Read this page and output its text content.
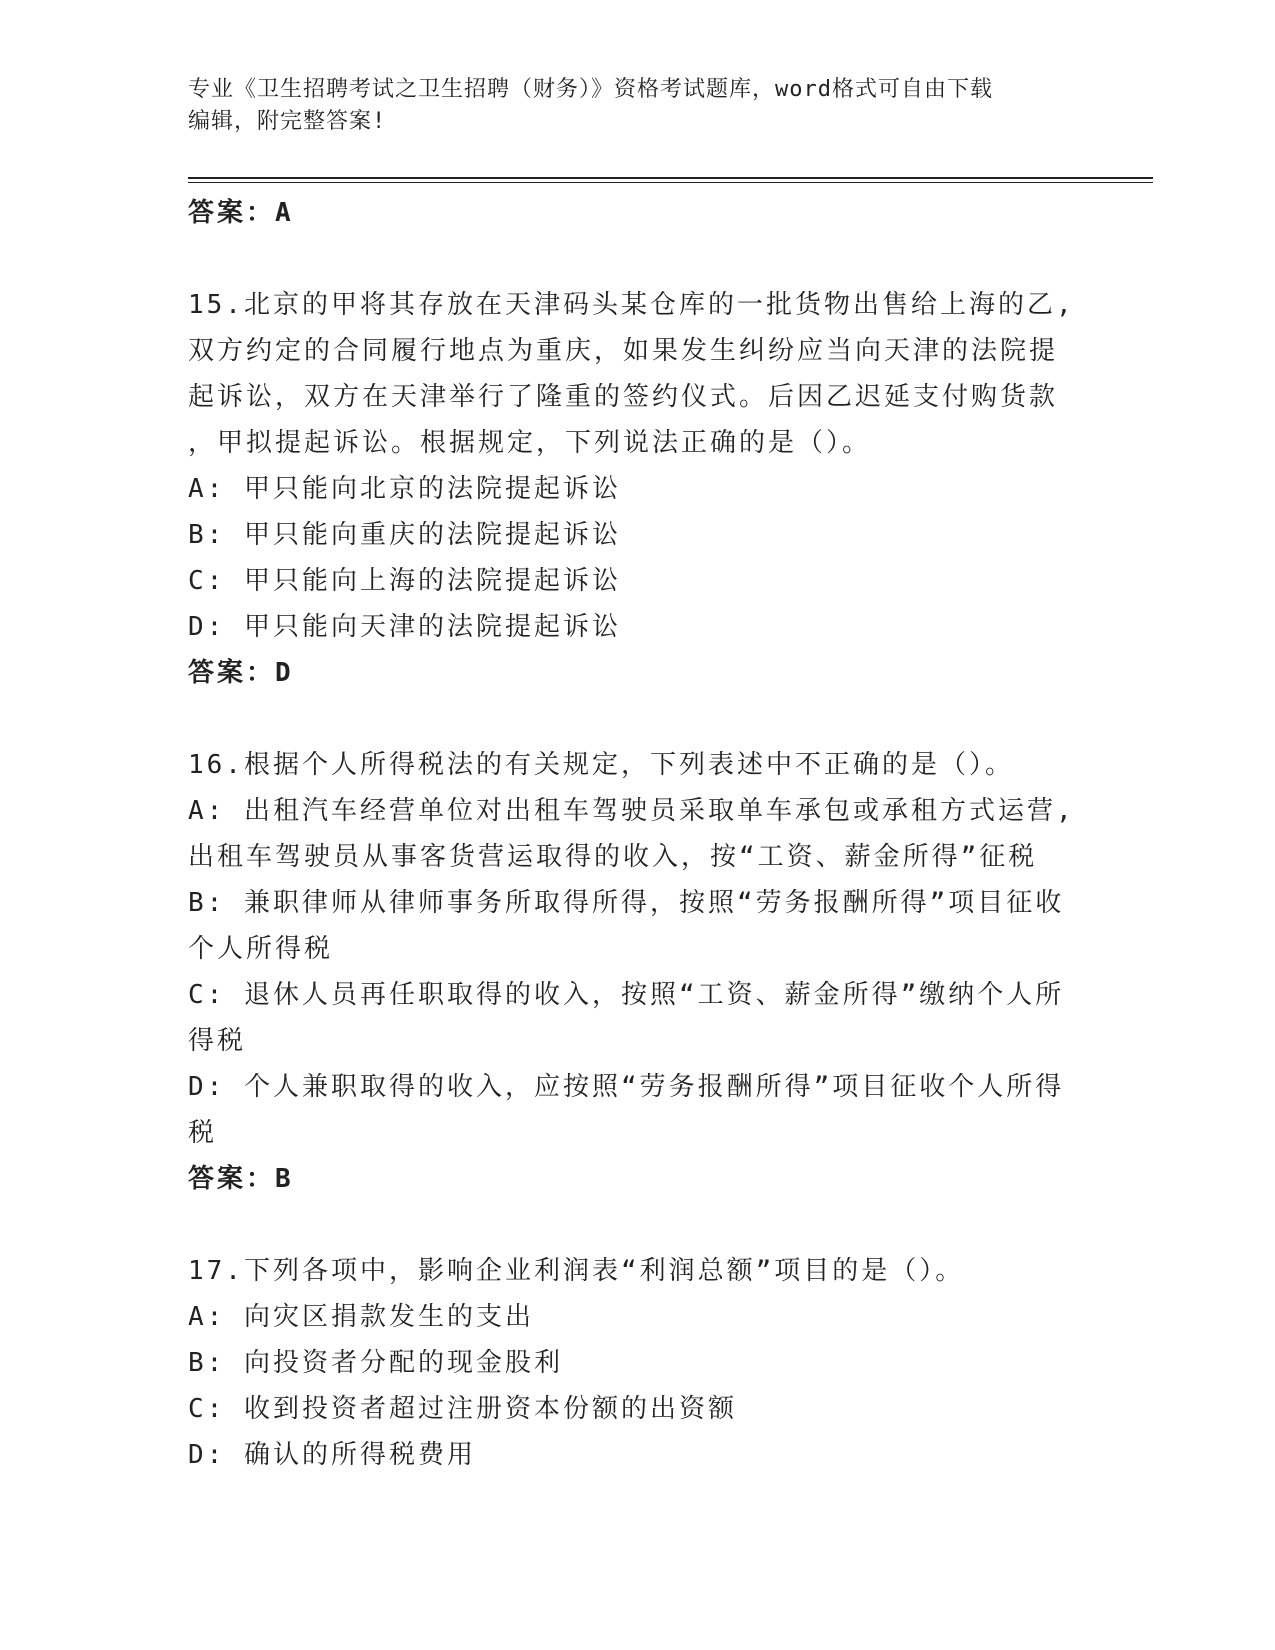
专业《卫生招聘考试之卫生招聘（财务）》资格考试题库，word格式可自由下载
编辑，附完整答案!
答案：A
15.北京的甲将其存放在天津码头某仓库的一批货物出售给上海的乙,
双方约定的合同履行地点为重庆，如果发生纠纷应当向天津的法院提
起诉讼，双方在天津举行了隆重的签约仪式。后因乙迟延支付购货款
，甲拟提起诉讼。根据规定，下列说法正确的是（）。
A: 甲只能向北京的法院提起诉讼
B: 甲只能向重庆的法院提起诉讼
C: 甲只能向上海的法院提起诉讼
D: 甲只能向天津的法院提起诉讼
答案：D
16.根据个人所得税法的有关规定，下列表述中不正确的是（）。
A: 出租汽车经营单位对出租车驾驶员采取单车承包或承租方式运营,
出租车驾驶员从事客货营运取得的收入，按“工资、薪金所得”征税
B: 兼职律师从律师事务所取得所得，按照“劳务报酬所得”项目征收
个人所得税
C: 退休人员再任职取得的收入，按照“工资、薪金所得”缴纳个人所
得税
D: 个人兼职取得的收入，应按照“劳务报酬所得”项目征收个人所得
税
答案：B
17.下列各项中，影响企业利润表“利润总额”项目的是（）。
A: 向灾区捐款发生的支出
B: 向投资者分配的现金股利
C: 收到投资者超过注册资本份额的出资额
D: 确认的所得税费用
